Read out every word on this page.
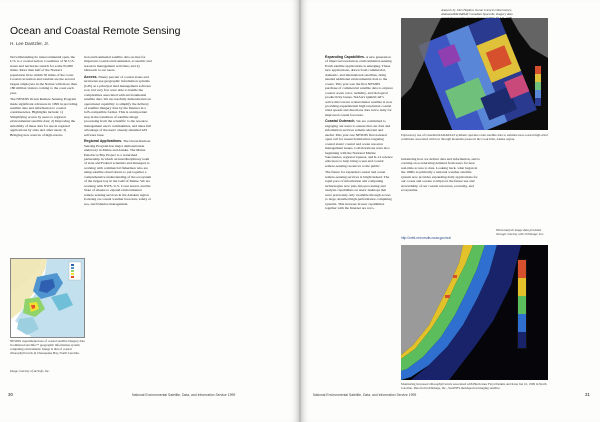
Ocean and Coastal Remote Sensing
H. Lee Dantzler, Jr.

Notwithstanding its transcontinental span, the U.S. is a coastal nation. Coastlines of 30 U.S. states and territories stretch for some 95,000 miles. More than half of the Nation's population lives within 50 miles of the coast. Coastal recreation and tourism are the second largest employers in the Nation with more than 180 million visitors coming to the coast each year.

The NESDIS Ocean Remote Sensing Program made significant advances in 1999 in providing satellite data and information to coastal constituencies. Highlights include: 1) Simplifying access by users to regional environmental satellite data; 2) Improving the suitability of these data for use in regional applications by state and other users; 3) Bringing new sources of high-resolu-

tion environmental satellite data on-line for important coastal environmental, economic and resource management activities; and 4) Outreach to our users.

Access. Ninety percent of coastal states and territories use geographic information systems (GIS) as a principal land management software tool, but very few were able to handle the complexities associated with environmental satellite data. We successfully demonstrated an operational capability to simplify the delivery of satellite imagery data by the Internet in a GIS-compatible format. This is an important step in the transition of satellite image processing from the scientific to the resource management user's communities, and takes full advantage of the users' already-installed GIS software base.

Regional Applications. The Ocean Remote Sensing Program has major demonstration underway in Maine and Alaska. The Maine Penobscot Bay Project is a watershed partnership in which an interdisciplinary team of state and Federal scientists and managers is working with commercial fishermen who are using satellite observations to put together a comprehensive understanding of the ecosystem of the largest bay in the Gulf of Maine. We are working with NWS, U.S. Coast Guard, and the State of Alaska to expand environmental remote sensing services in the Alaskan region focusing on coastal weather forecasts, safety at sea, and fisheries management.

NESDIS experimental use of coastal satellite imagery data in enhanced ArcInfo™ geographic information system computing environment. Image is that of coastal chlorophyll levels in Chesapeake Bay, North Carolina.
Image courtesy of ArcInfo, Inc.
30	National Environmental Satellite, Data, and Information Service 1999

Expanding Capabilities. A new generation of improved resolution, environmental-sensing Earth satellite applications is emerging. These new applications, drawn from commercial, domestic, and international satellites, bring needed additional environmental data to the coasts. This year saw the first NESDIS purchase of commercial satellite data to explore coastal ocean color, turbidity, and biological productivity issues. NASA's QuikSCAT's active microwave scatterometer satellite is now providing experimental high resolution coastal wind speeds and directions data twice daily for improved coastal forecasts.

Coastal Outreach. We are committed to engaging our users to ensure that our data and information services remain relevant and useful. This year one NESDIS first national open call for research initiatives targeting coastal states' coastal and ocean resource management issues. Collaborations were also beginning with the National Marine Sanctuaries, regional squares, and K-12 science educators to help bring ocean and coastal remote-sensing resources to the public.

The future for expanded coastal and ocean remote-sensing services is bright indeed. The rapid pace of information and computing technologies now puts data processing and analysis capabilities on users' desktops that were previously only available through access to large, installed high-performance computing systems. This increase in user capabilities together with the Internet are revo-

Analysis by John Hopkins Ocean sciences Observatory, Alabama/RADARSAT Canadian Space/AL imagery data
Exploratory use of Canadian RADARSAT synthetic aperture radar satellite data to estimate near-coastal high-wind conditions associated with low through mountain passes in the Cook Inlet, Alaska region.

lutionizing how we deliver data and information, and is creating an accelerating demand from users for near real-time access to data. Looking back, what began in the 1990s as primarily a national weather satellite system now provides expanding daily applications for our coasts and oceans to improve the future use and stewardship of our coastal resources, economy, and ecosystems.

http://orbit-net.nesdis.noaa.gov/ora/
Wind analysis image data provided through courtesy with Orbimage, Inc.
Monitoring increased chlorophyll levels associated with Hurricanes Floyd Dennis and Irene Jan 16, 1999 in North Carolina. Data from Orbimage, Inc., SeaWiFS multispectral imaging satellite.
National Environmental Satellite, Data, and Information Service 1999	31
